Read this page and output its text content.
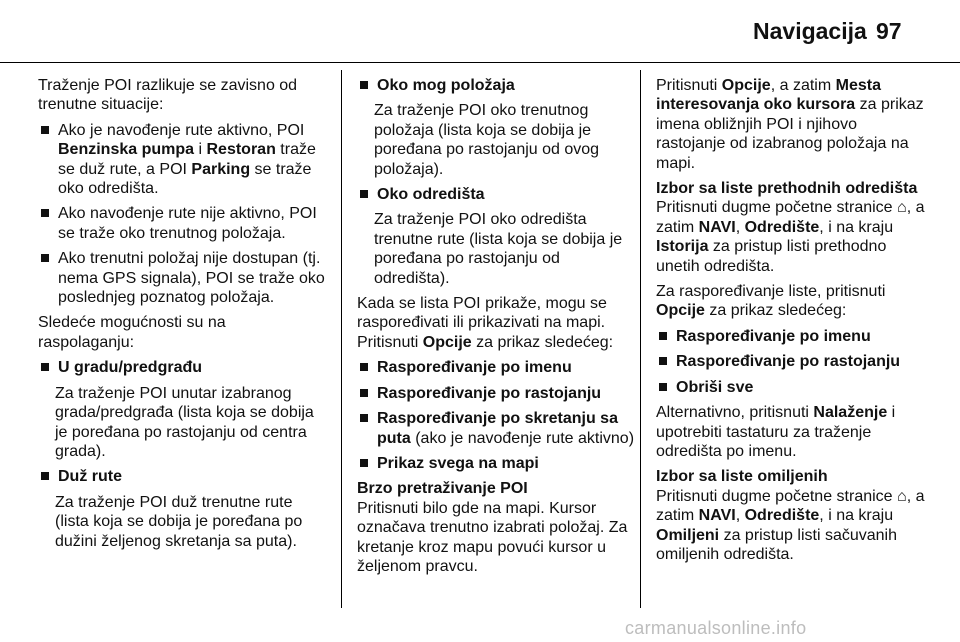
Navigacija 97

Traženje POI razlikuje se zavisno od trenutne situacije:

Ako je navođenje rute aktivno, POI Benzinska pumpa i Restoran traže se duž rute, a POI Parking se traže oko odredišta.
Ako navođenje rute nije aktivno, POI se traže oko trenutnog položaja.
Ako trenutni položaj nije dostupan (tj. nema GPS signala), POI se traže oko poslednjeg poznatog položaja.

Sledeće mogućnosti su na raspolaganju:

U gradu/predgrađu

Za traženje POI unutar izabranog grada/predgrađa (lista koja se dobija je poređana po rastojanju od centra grada).

Duž rute

Za traženje POI duž trenutne rute (lista koja se dobija je poređana po dužini željenog skretanja sa puta).

Oko mog položaja

Za traženje POI oko trenutnog položaja (lista koja se dobija je poređana po rastojanju od ovog položaja).

Oko odredišta

Za traženje POI oko odredišta trenutne rute (lista koja se dobija je poređana po rastojanju od odredišta).

Kada se lista POI prikaže, mogu se raspoređivati ili prikazivati na mapi.
Pritisnuti Opcije za prikaz sledećeg:

Raspoređivanje po imenu
Raspoređivanje po rastojanju
Raspoređivanje po skretanju sa puta (ako je navođenje rute aktivno)
Prikaz svega na mapi

Brzo pretraživanje POI
Pritisnuti bilo gde na mapi. Kursor označava trenutno izabrati položaj. Za kretanje kroz mapu povući kursor u željenom pravcu.

Pritisnuti Opcije, a zatim Mesta interesovanja oko kursora za prikaz imena obližnjih POI i njihovo rastojanje od izabranog položaja na mapi.

Izbor sa liste prethodnih odredišta
Pritisnuti dugme početne stranice ⌂, a zatim NAVI, Odredište, i na kraju Istorija za pristup listi prethodno unetih odredišta.

Za raspoređivanje liste, pritisnuti Opcije za prikaz sledećeg:

Raspoređivanje po imenu
Raspoređivanje po rastojanju
Obriši sve

Alternativno, pritisnuti Nalaženje i upotrebiti tastaturu za traženje odredišta po imenu.

Izbor sa liste omiljenih
Pritisnuti dugme početne stranice ⌂, a zatim NAVI, Odredište, i na kraju Omiljeni za pristup listi sačuvanih omiljenih odredišta.

carmanualsonline.info
